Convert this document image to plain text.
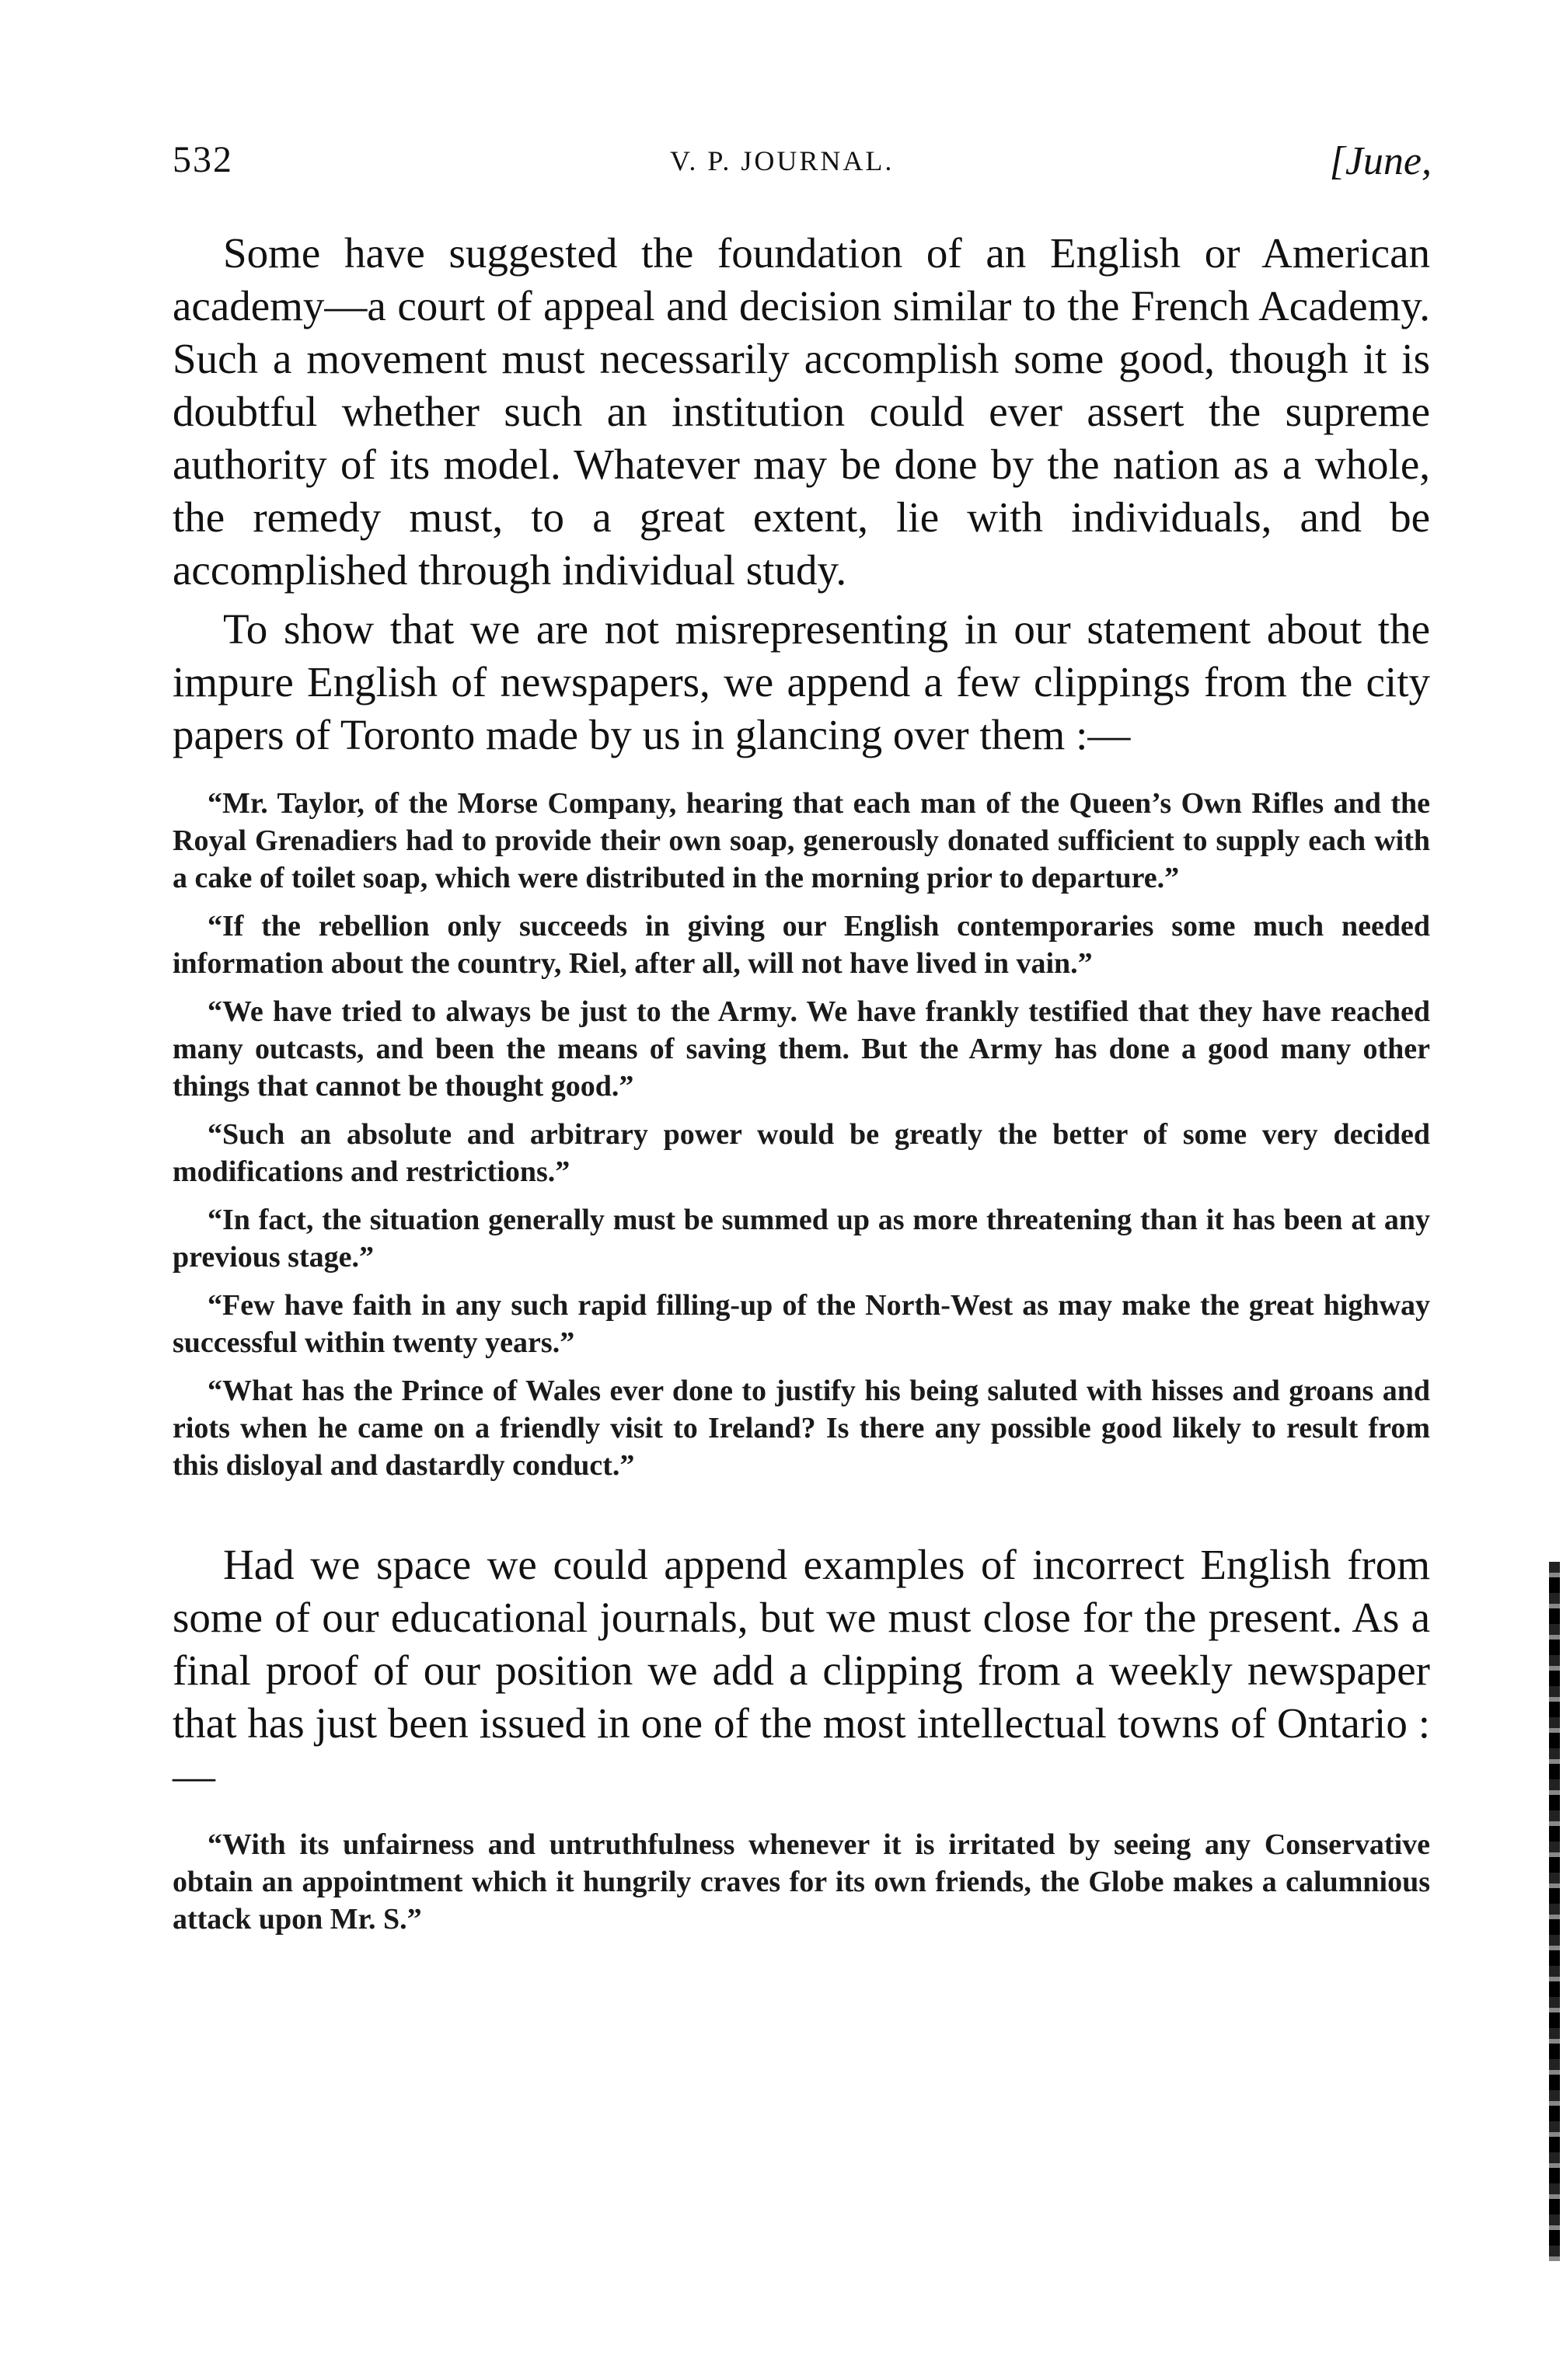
532	V. P. JOURNAL.	[June,

Some have suggested the foundation of an English or American academy—a court of appeal and decision similar to the French Academy. Such a movement must necessarily accomplish some good, though it is doubtful whether such an institution could ever assert the supreme authority of its model. Whatever may be done by the nation as a whole, the remedy must, to a great extent, lie with individuals, and be accomplished through individual study.

To show that we are not misrepresenting in our statement about the impure English of newspapers, we append a few clippings from the city papers of Toronto made by us in glancing over them :—

“Mr. Taylor, of the Morse Company, hearing that each man of the Queen’s Own Rifles and the Royal Grenadiers had to provide their own soap, generously donated sufficient to supply each with a cake of toilet soap, which were distributed in the morning prior to departure.”

“If the rebellion only succeeds in giving our English contemporaries some much needed information about the country, Riel, after all, will not have lived in vain.”

“We have tried to always be just to the Army. We have frankly testified that they have reached many outcasts, and been the means of saving them. But the Army has done a good many other things that cannot be thought good.”

“Such an absolute and arbitrary power would be greatly the better of some very decided modifications and restrictions.”

“In fact, the situation generally must be summed up as more threatening than it has been at any previous stage.”

“Few have faith in any such rapid filling-up of the North-West as may make the great highway successful within twenty years.”

“What has the Prince of Wales ever done to justify his being saluted with hisses and groans and riots when he came on a friendly visit to Ireland? Is there any possible good likely to result from this disloyal and dastardly conduct.”

Had we space we could append examples of incorrect English from some of our educational journals, but we must close for the present. As a final proof of our position we add a clipping from a weekly newspaper that has just been issued in one of the most intellectual towns of Ontario :—

“With its unfairness and untruthfulness whenever it is irritated by seeing any Conservative obtain an appointment which it hungrily craves for its own friends, the Globe makes a calumnious attack upon Mr. S.”
